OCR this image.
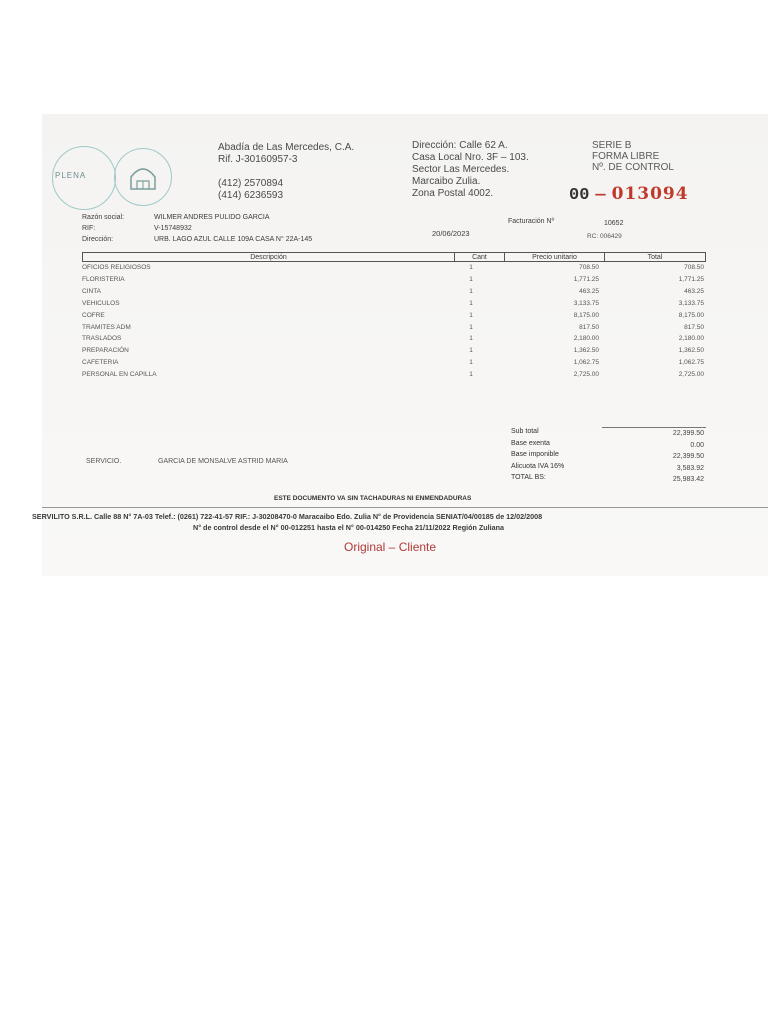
PLENA
Abadía de Las Mercedes, C.A.
Rif. J-30160957-3
(412) 2570894
(414) 6236593
Dirección: Calle 62 A.
Casa Local Nro. 3F – 103.
Sector Las Mercedes.
Marcaibo Zulia.
Zona Postal 4002.
SERIE B
FORMA LIBRE
Nº. DE CONTROL
00 — 013094
Razón social:	WILMER ANDRES PULIDO GARCIA
RIF:	V-15748932
Dirección:	URB. LAGO AZUL CALLE 109A CASA N° 22A-145
Facturación Nº	10652
20/06/2023	RC: 006429
Descripción	Cant	Precio unitario	Total
OFICIOS RELIGIOSOS	1	708.50	708.50
FLORISTERIA	1	1,771.25	1,771.25
CINTA	1	463.25	463.25
VEHICULOS	1	3,133.75	3,133.75
COFRE	1	8,175.00	8,175.00
TRAMITES ADM	1	817.50	817.50
TRASLADOS	1	2,180.00	2,180.00
PREPARACIÓN	1	1,362.50	1,362.50
CAFETERIA	1	1,062.75	1,062.75
PERSONAL EN CAPILLA	1	2,725.00	2,725.00
Sub total	22,399.50
Base exenta	0.00
Base imponible	22,399.50
Alicuota IVA 16%	3,583.92
TOTAL BS:	25,983.42
SERVICIO.	GARCIA DE MONSALVE ASTRID MARIA
ESTE DOCUMENTO VA SIN TACHADURAS NI ENMENDADURAS
SERVILITO S.R.L. Calle 88 N° 7A-03 Telef.: (0261) 722-41-57 RIF.: J-30208470-0 Maracaibo Edo. Zulia N° de Providencia SENIAT/04/00185 de 12/02/2008
N° de control desde el N° 00-012251 hasta el N° 00-014250 Fecha 21/11/2022 Región Zuliana
Original – Cliente
